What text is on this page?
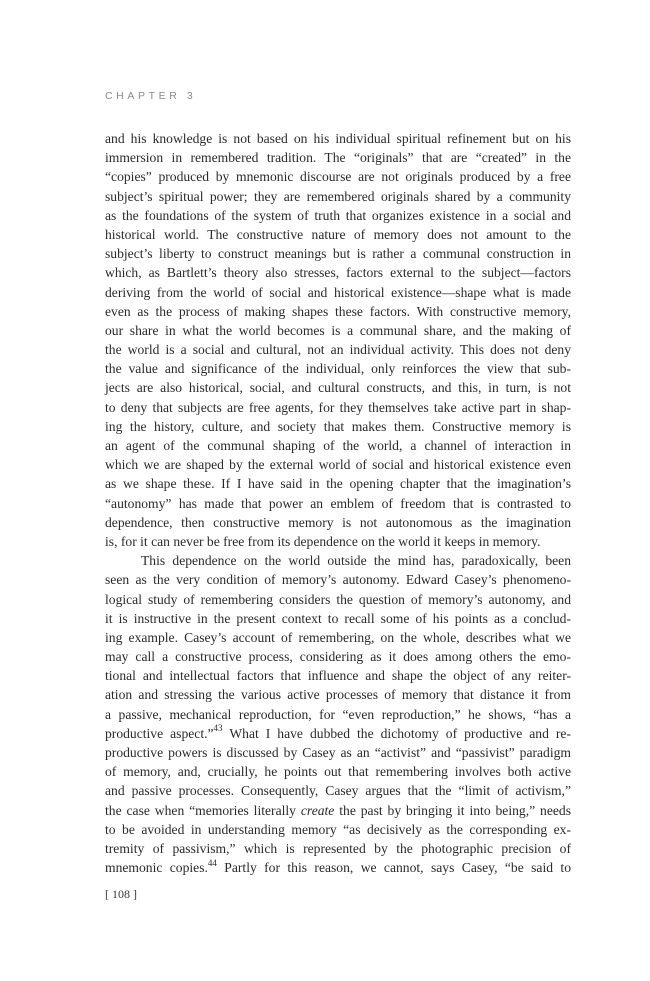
CHAPTER 3
and his knowledge is not based on his individual spiritual refinement but on his
immersion in remembered tradition. The “originals” that are “created” in the
“copies” produced by mnemonic discourse are not originals produced by a free
subject’s spiritual power; they are remembered originals shared by a community
as the foundations of the system of truth that organizes existence in a social and
historical world. The constructive nature of memory does not amount to the
subject’s liberty to construct meanings but is rather a communal construction in
which, as Bartlett’s theory also stresses, factors external to the subject—factors
deriving from the world of social and historical existence—shape what is made
even as the process of making shapes these factors. With constructive memory,
our share in what the world becomes is a communal share, and the making of
the world is a social and cultural, not an individual activity. This does not deny
the value and significance of the individual, only reinforces the view that sub-
jects are also historical, social, and cultural constructs, and this, in turn, is not
to deny that subjects are free agents, for they themselves take active part in shap-
ing the history, culture, and society that makes them. Constructive memory is
an agent of the communal shaping of the world, a channel of interaction in
which we are shaped by the external world of social and historical existence even
as we shape these. If I have said in the opening chapter that the imagination’s
“autonomy” has made that power an emblem of freedom that is contrasted to
dependence, then constructive memory is not autonomous as the imagination
is, for it can never be free from its dependence on the world it keeps in memory.
This dependence on the world outside the mind has, paradoxically, been
seen as the very condition of memory’s autonomy. Edward Casey’s phenomeno-
logical study of remembering considers the question of memory’s autonomy, and
it is instructive in the present context to recall some of his points as a conclud-
ing example. Casey’s account of remembering, on the whole, describes what we
may call a constructive process, considering as it does among others the emo-
tional and intellectual factors that influence and shape the object of any reiter-
ation and stressing the various active processes of memory that distance it from
a passive, mechanical reproduction, for “even reproduction,” he shows, “has a
productive aspect.”$^{43}$ What I have dubbed the dichotomy of productive and re-
productive powers is discussed by Casey as an “activist” and “passivist” paradigm
of memory, and, crucially, he points out that remembering involves both active
and passive processes. Consequently, Casey argues that the “limit of activism,”
the case when “memories literally create the past by bringing it into being,” needs
to be avoided in understanding memory “as decisively as the corresponding ex-
tremity of passivism,” which is represented by the photographic precision of
mnemonic copies.$^{44}$ Partly for this reason, we cannot, says Casey, “be said to
[ 108 ]
